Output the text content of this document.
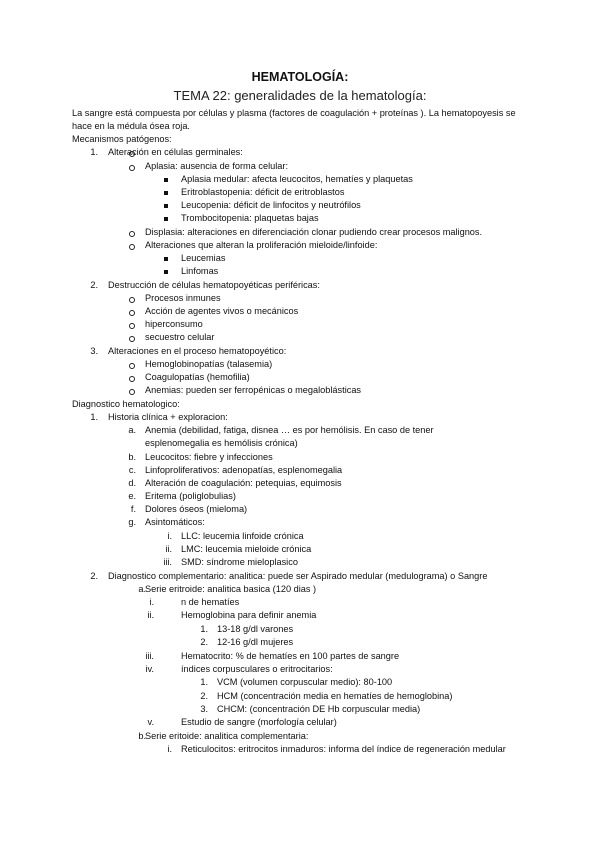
HEMATOLOGÍA:
TEMA 22: generalidades de la hematología:
La sangre está compuesta por células y plasma (factores de coagulación + proteínas ). La hematopoyesis se hace en la médula ósea roja.
Mecanismos patógenos:
1. Alteración en células germinales:
Aplasia: ausencia de forma celular:
Aplasia medular: afecta leucocitos, hematíes y plaquetas
Eritroblastopenia: déficit de eritroblastos
Leucopenia: déficit de linfocitos y neutrófilos
Trombocitopenia: plaquetas bajas
Displasia: alteraciones en diferenciación clonar pudiendo crear procesos malignos.
Alteraciones que alteran la proliferación mieloide/linfoide:
Leucemias
Linfomas
2. Destrucción de células hematopoyéticas periféricas:
Procesos inmunes
Acción de agentes vivos o mecánicos
hiperconsumo
secuestro celular
3. Alteraciones en el proceso hematopoyético:
Hemoglobinopatías (talasemia)
Coagulopatías (hemofilia)
Anemias: pueden ser ferropénicas o megaloblásticas
Diagnostico hematologico:
1. Historia clínica + exploracion:
a. Anemia (debilidad, fatiga, disnea … es por hemólisis. En caso de tener esplenomegalia es hemólisis crónica)
b. Leucocitos: fiebre y infecciones
c. Linfoproliferativos: adenopatías, esplenomegalia
d. Alteración de coagulación: petequias, equimosis
e. Eritema (poliglobulias)
f. Dolores óseos (mieloma)
g. Asintomáticos:
i. LLC: leucemia linfoide crónica
ii. LMC: leucemia mieloide crónica
iii. SMD: síndrome mieloplasico
2. Diagnostico complementario: analitica: puede ser Aspirado medular (medulograma) o Sangre
a. Serie eritroide: analitica basica (120 dias )
i.	n de hematíes
ii.	Hemoglobina para definir anemia
1. 13-18 g/dl varones
2. 12-16 g/dl mujeres
iii.	Hematocrito: % de hematíes en 100 partes de sangre
iv.	índices corpusculares o eritrocitarios:
1. VCM (volumen corpuscular medio): 80-100
2. HCM (concentración media en hematíes de hemoglobina)
3. CHCM: (concentración DE Hb corpuscular media)
v.	Estudio de sangre (morfología celular)
b. Serie eritoide: analitica complementaria:
i. Reticulocitos: eritrocitos inmaduros: informa del índice de regeneración medular
